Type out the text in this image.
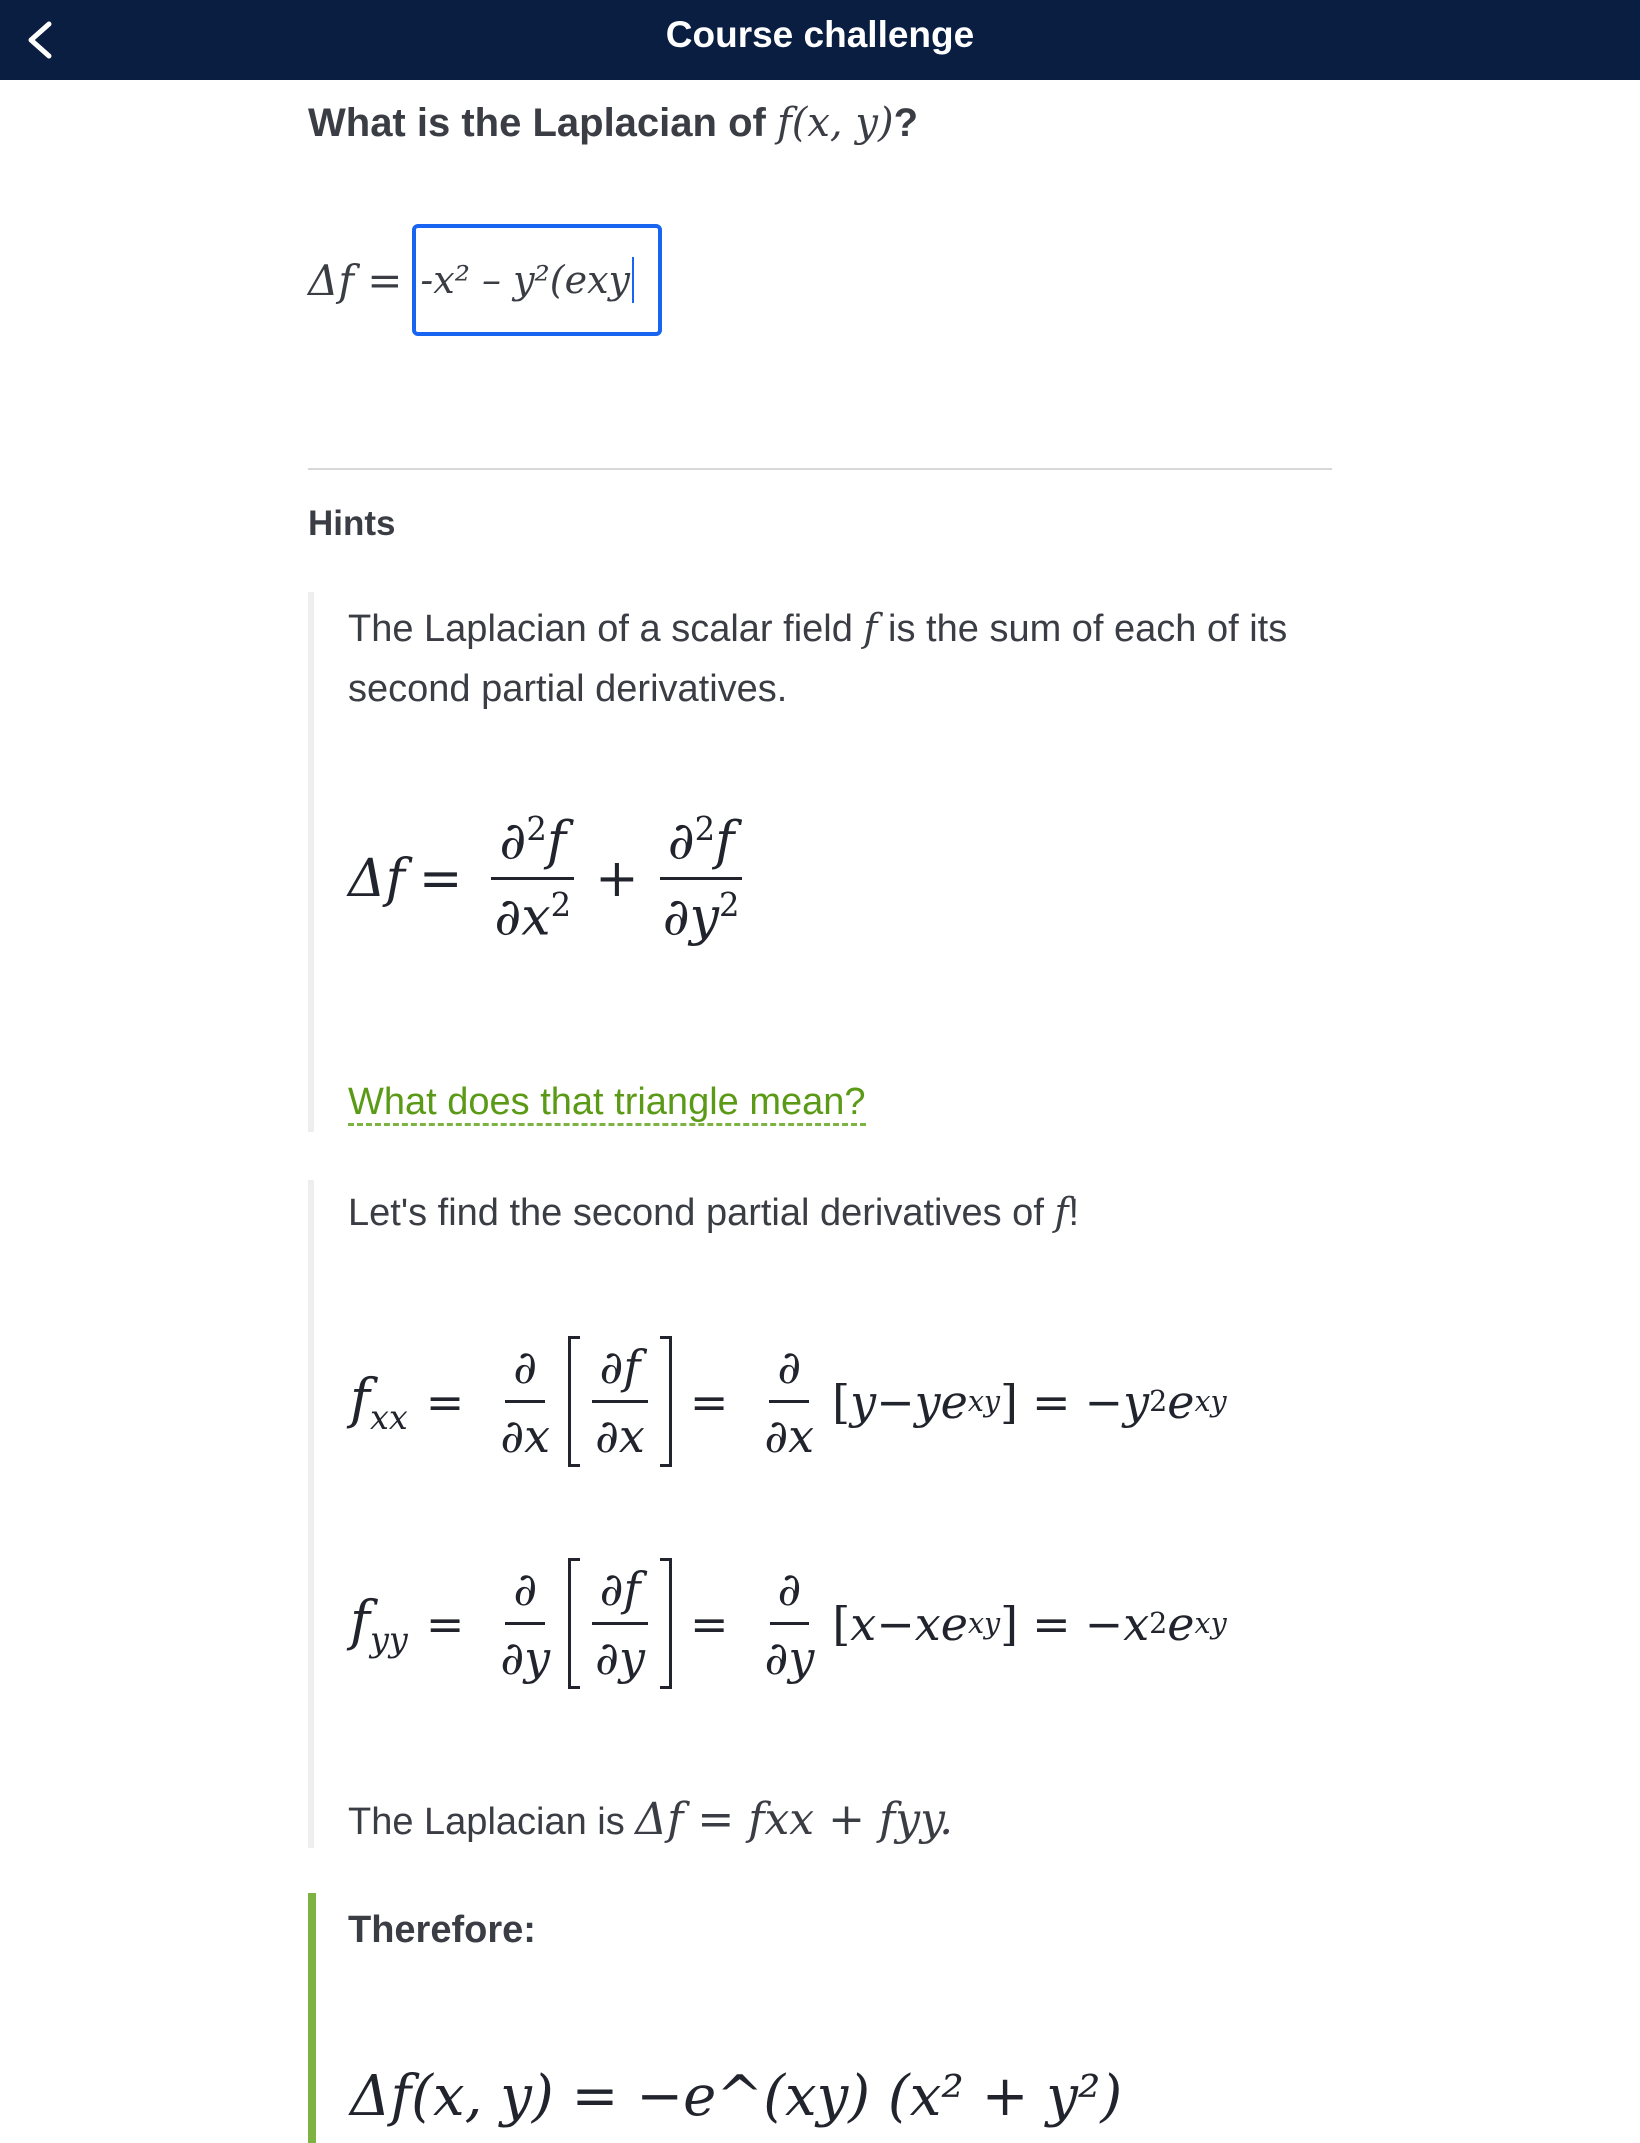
Course challenge
What is the Laplacian of f(x, y)?
Δf = -x² – y²(exy
Hints
The Laplacian of a scalar field f is the sum of each of its second partial derivatives.
$\Delta f = \frac{\partial^2f}{\partial x^2} + \frac{\partial^2f}{\partial y^2}$
What does that triangle mean?
Let's find the second partial derivatives of f!
$f_{xx} = \frac{\partial}{\partial x} \frac{\partial f}{\partial x} = \frac{\partial}{\partial x}$ [ y − ye xy ] = − y 2 e xy
$f_{yy} = \frac{\partial}{\partial y} \frac{\partial f}{\partial y} = \frac{\partial}{\partial y}$ [ x − xe xy ] = − x 2 e xy
The Laplacian is Δf = fxx + fyy.
Therefore:
Δf(x, y) = −e^(xy) (x² + y²)
